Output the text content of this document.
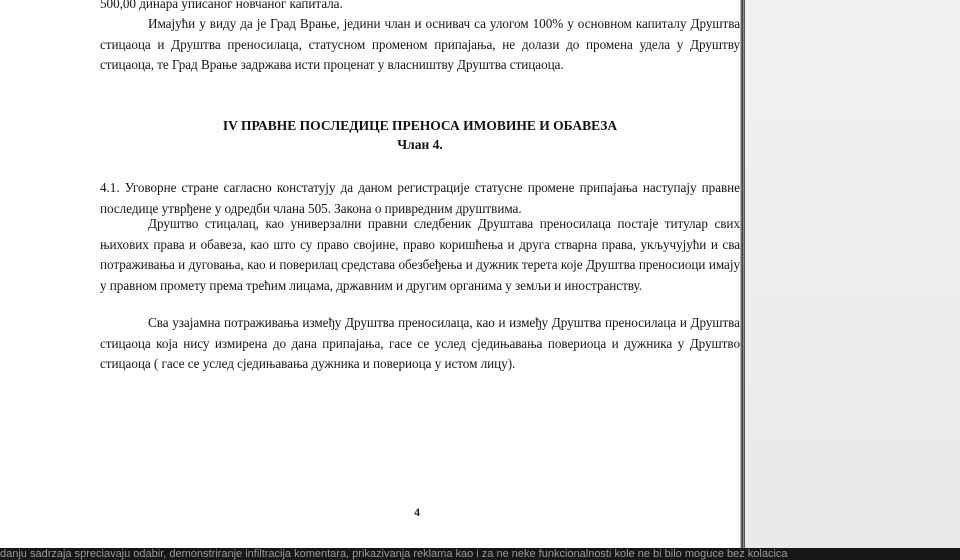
500,00 динара уписаног новчаног капитала.

Имајући у виду да је Град Врање, једини члан и оснивач са улогом 100% у основном капиталу Друштва стицаоца и Друштва преносилаца, статусном променом припајања, не долази до промена удела у Друштву стицаоца, те Град Врање задржава исти проценат у власништву Друштва стицаоца.

IV ПРАВНЕ ПОСЛЕДИЦЕ ПРЕНОСА ИМОВИНЕ И ОБАВЕЗА
Члан 4.

4.1. Уговорне стране сагласно констатују да даном регистрације статусне промене припајања наступају правне последице утврђене у одредби члана 505. Закона о привредним друштвима.

Друштво стицалац, као универзални правни следбеник Друштава преносилаца постаје титулар свих њихових права и обавеза, као што су право својине, право коришћења и друга стварна права, укључујући и сва потраживања и дуговања, као и поверилац средстава обезбеђења и дужник терета које Друштва преносиоци имају у правном промету према трећим лицама, државним и другим органима у земљи и иностранству.

Сва узајамна потраживања између Друштва преносилаца, као и између Друштва преносилаца и Друштва стицаоца која нису измирена до дана припајања, гасе се услед сједињавања повериоца и дужника у Друштво стицаоца ( гасе се услед сједињавања дужника и повериоца у истом лицу).

4
danju sadrzaja spreciavaju odabir, demonstriranje infiltracija komentara, prikazivanja reklama kao i za ne neke funkcionalnosti kole ne bi bilo moguce bez kolacica
